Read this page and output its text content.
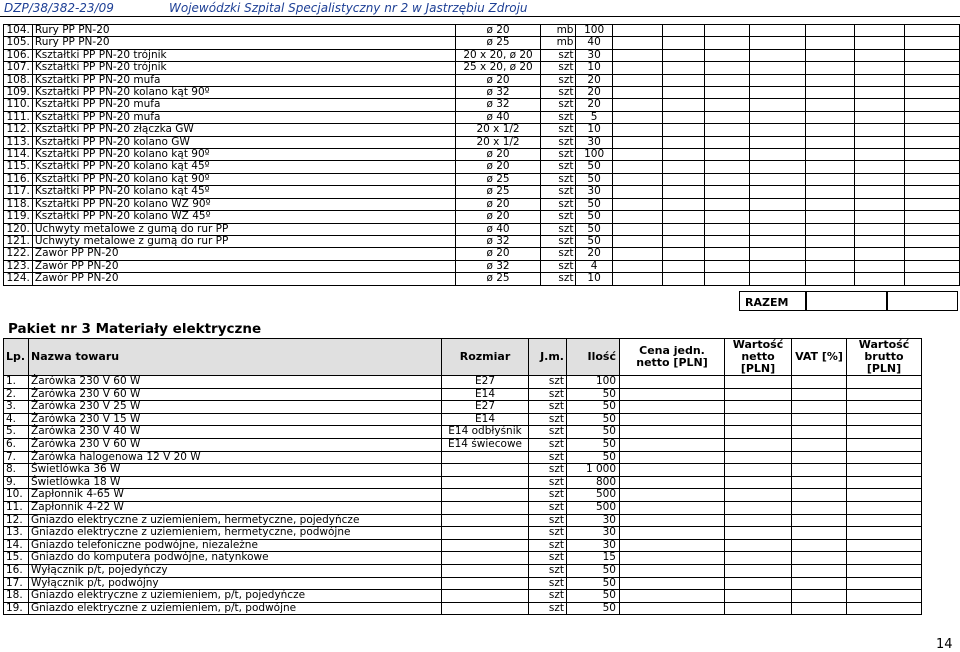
DZP/38/382-23/09	Wojewódzki Szpital Specjalistyczny nr 2 w Jastrzębiu Zdroju
104.	Rury PP PN-20	ø 20	mb	100							
105.	Rury PP PN-20	ø 25	mb	40							
106.	Kształtki PP PN-20 trójnik	20 x 20, ø 20	szt	30							
107.	Kształtki PP PN-20 trójnik	25 x 20, ø 20	szt	10							
108.	Kształtki PP PN-20 mufa	ø 20	szt	20							
109.	Kształtki PP PN-20 kolano kąt 90º	ø 32	szt	20							
110.	Kształtki PP PN-20 mufa	ø 32	szt	20							
111.	Kształtki PP PN-20 mufa	ø 40	szt	5							
112.	Kształtki PP PN-20 złączka GW	20 x 1/2	szt	10							
113.	Kształtki PP PN-20 kolano GW	20 x 1/2	szt	30							
114.	Kształtki PP PN-20 kolano kąt 90º	ø 20	szt	100							
115.	Kształtki PP PN-20 kolano kąt 45º	ø 20	szt	50							
116.	Kształtki PP PN-20 kolano kąt 90º	ø 25	szt	50							
117.	Kształtki PP PN-20 kolano kąt 45º	ø 25	szt	30							
118.	Kształtki PP PN-20 kolano WZ 90º	ø 20	szt	50							
119.	Kształtki PP PN-20 kolano WZ 45º	ø 20	szt	50							
120.	Uchwyty metalowe z gumą do rur PP	ø 40	szt	50							
121.	Uchwyty metalowe z gumą do rur PP	ø 32	szt	50							
122.	Zawór PP PN-20	ø 20	szt	20							
123.	Zawór PP PN-20	ø 32	szt	4							
124.	Zawór PP PN-20	ø 25	szt	10							
RAZEM
Pakiet nr 3 Materiały elektryczne
Lp.	Nazwa towaru	Rozmiar	J.m.	Ilość	Cena jedn. netto [PLN]	Wartość netto [PLN]	VAT [%]	Wartość brutto [PLN]
1.	Żarówka 230 V 60 W	E27	szt	100				
2.	Żarówka 230 V 60 W	E14	szt	50				
3.	Żarówka 230 V 25 W	E27	szt	50				
4.	Żarówka 230 V 15 W	E14	szt	50				
5.	Żarówka 230 V 40 W	E14 odbłyśnik	szt	50				
6.	Żarówka 230 V 60 W	E14 świecowe	szt	50				
7.	Żarówka halogenowa 12 V 20 W		szt	50				
8.	Świetlówka 36 W		szt	1 000				
9.	Świetlówka 18 W		szt	800				
10.	Zapłonnik 4-65 W		szt	500				
11.	Zapłonnik 4-22 W		szt	500				
12.	Gniazdo elektryczne z uziemieniem, hermetyczne, pojedyńcze		szt	30				
13.	Gniazdo elektryczne z uziemieniem, hermetyczne, podwójne		szt	30				
14.	Gniazdo telefoniczne podwójne, niezależne		szt	30				
15.	Gniazdo do komputera podwójne, natynkowe		szt	15				
16.	Wyłącznik p/t, pojedyńczy		szt	50				
17.	Wyłącznik p/t, podwójny		szt	50				
18.	Gniazdo elektryczne z uziemieniem, p/t, pojedyńcze		szt	50				
19.	Gniazdo elektryczne z uziemieniem, p/t, podwójne		szt	50				
14
